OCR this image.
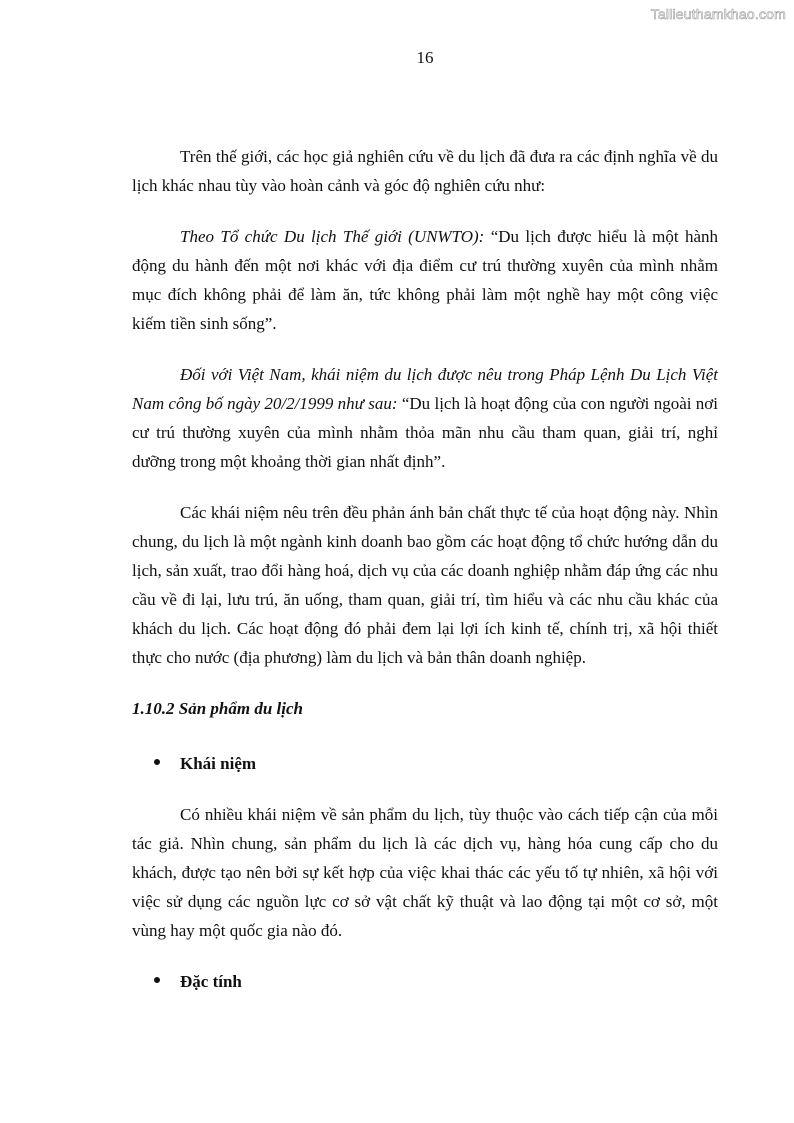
Tailieuthamkhao.com
16

Trên thế giới, các học giả nghiên cứu về du lịch đã đưa ra các định nghĩa về du lịch khác nhau tùy vào hoàn cảnh và góc độ nghiên cứu như:

Theo Tổ chức Du lịch Thế giới (UNWTO): “Du lịch được hiểu là một hành động du hành đến một nơi khác với địa điểm cư trú thường xuyên của mình nhằm mục đích không phải để làm ăn, tức không phải làm một nghề hay một công việc kiếm tiền sinh sống”.

Đối với Việt Nam, khái niệm du lịch được nêu trong Pháp Lệnh Du Lịch Việt Nam công bố ngày 20/2/1999 như sau: “Du lịch là hoạt động của con người ngoài nơi cư trú thường xuyên của mình nhằm thỏa mãn nhu cầu tham quan, giải trí, nghỉ dưỡng trong một khoảng thời gian nhất định”.

Các khái niệm nêu trên đều phản ánh bản chất thực tế của hoạt động này. Nhìn chung, du lịch là một ngành kinh doanh bao gồm các hoạt động tổ chức hướng dẫn du lịch, sản xuất, trao đổi hàng hoá, dịch vụ của các doanh nghiệp nhằm đáp ứng các nhu cầu về đi lại, lưu trú, ăn uống, tham quan, giải trí, tìm hiểu và các nhu cầu khác của khách du lịch. Các hoạt động đó phải đem lại lợi ích kinh tế, chính trị, xã hội thiết thực cho nước (địa phương) làm du lịch và bản thân doanh nghiệp.

1.10.2 Sản phẩm du lịch
Khái niệm

Có nhiều khái niệm về sản phẩm du lịch, tùy thuộc vào cách tiếp cận của mỗi tác giả. Nhìn chung, sản phẩm du lịch là các dịch vụ, hàng hóa cung cấp cho du khách, được tạo nên bởi sự kết hợp của việc khai thác các yếu tố tự nhiên, xã hội với việc sử dụng các nguồn lực cơ sở vật chất kỹ thuật và lao động tại một cơ sở, một vùng hay một quốc gia nào đó.

Đặc tính
